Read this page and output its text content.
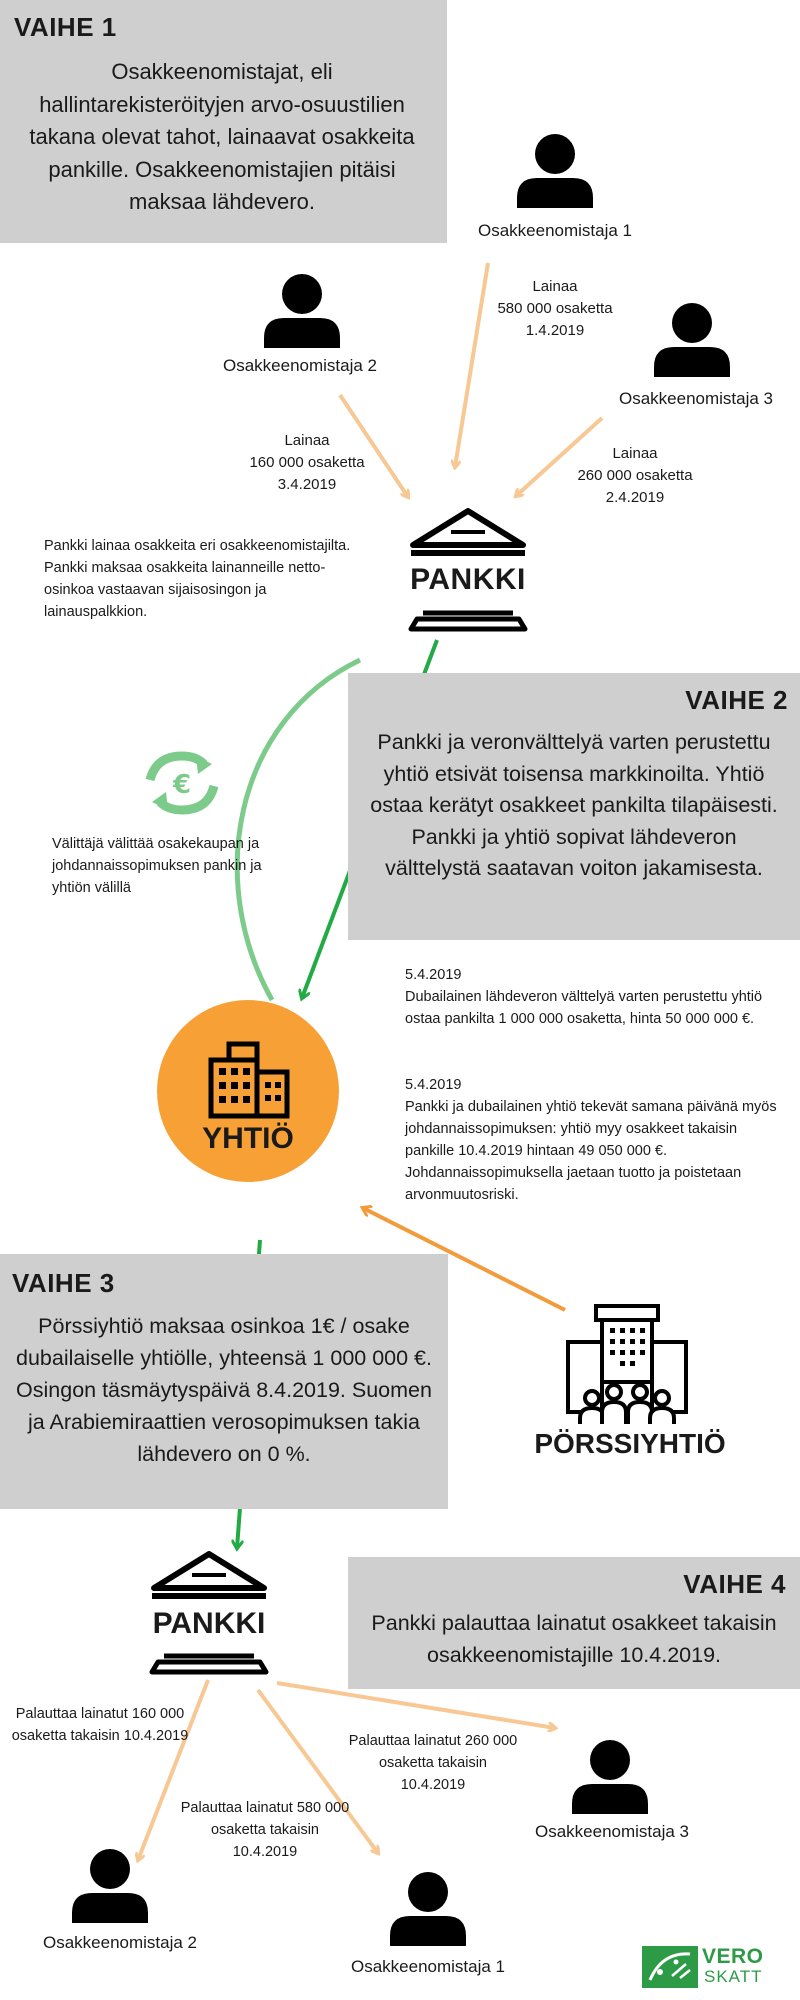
VAIHE 1
Osakkeenomistajat, eli hallintarekisteröityjen arvo-osuustilien takana olevat tahot, lainaavat osakkeita pankille. Osakkeenomistajien pitäisi maksaa lähdevero.
Osakkeenomistaja 1
Osakkeenomistaja 2
Osakkeenomistaja 3
Lainaa
580 000 osaketta
1.4.2019
Lainaa
160 000 osaketta
3.4.2019
Lainaa
260 000 osaketta
2.4.2019
PANKKI
Pankki lainaa osakkeita eri osakkeenomistajilta. Pankki maksaa osakkeita lainanneille netto-osinkoa vastaavan sijaisosingon ja lainauspalkkion.
VAIHE 2
Pankki ja veronvälttelyä varten perustettu yhtiö etsivät toisensa markkinoilta. Yhtiö ostaa kerätyt osakkeet pankilta tilapäisesti. Pankki ja yhtiö sopivat lähdeveron välttelystä saatavan voiton jakamisesta.
€
Välittäjä välittää osakekaupan ja johdannaissopimuksen pankin ja yhtiön välillä
5.4.2019
Dubailainen lähdeveron välttelyä varten perustettu yhtiö ostaa pankilta 1 000 000 osaketta, hinta 50 000 000 €.
5.4.2019
Pankki ja dubailainen yhtiö tekevät samana päivänä myös johdannaissopimuksen: yhtiö myy osakkeet takaisin pankille 10.4.2019 hintaan 49 050 000 €. Johdannaissopimuksella jaetaan tuotto ja poistetaan arvonmuutosriski.
YHTIÖ
VAIHE 3
Pörssiyhtiö maksaa osinkoa 1€ / osake dubailaiselle yhtiölle, yhteensä 1 000 000 €. Osingon täsmäytyspäivä 8.4.2019. Suomen ja Arabiemiraattien verosopimuksen takia lähdevero on 0 %.	PÖRSSIYHTIÖ
PANKKI
VAIHE 4
Pankki palauttaa lainatut osakkeet takaisin osakkeenomistajille 10.4.2019.
Palauttaa lainatut 160 000 osaketta takaisin 10.4.2019
Palauttaa lainatut 580 000 osaketta takaisin 10.4.2019
Palauttaa lainatut 260 000 osaketta takaisin 10.4.2019
Osakkeenomistaja 3
Osakkeenomistaja 2
Osakkeenomistaja 1	VERO
SKATT
